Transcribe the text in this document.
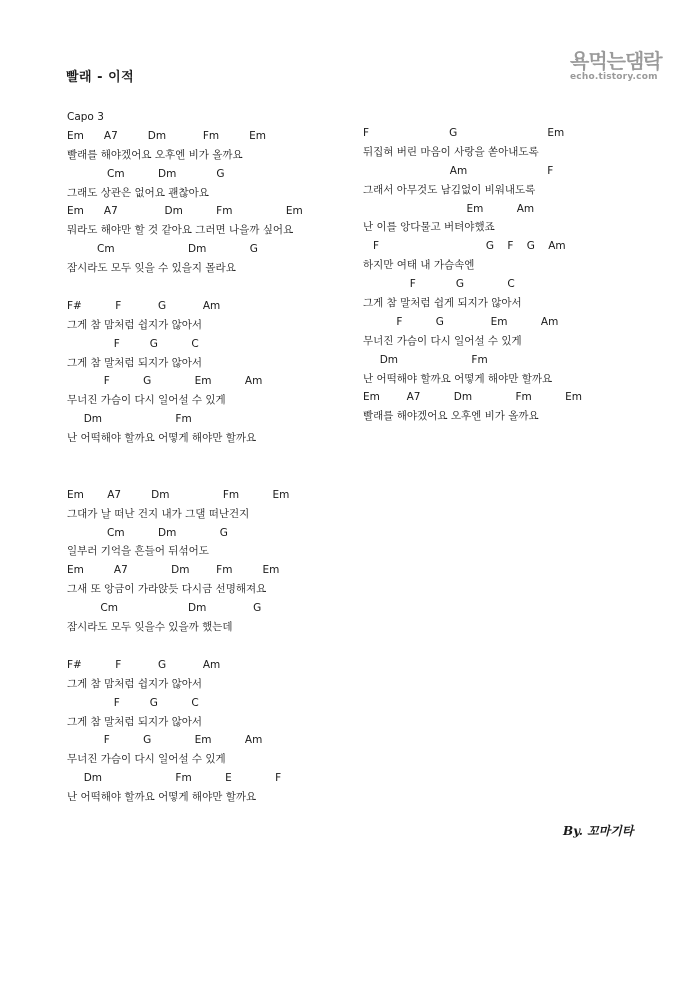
빨래 - 이적
욕먹는댐락
echo.tistory.com
Capo 3
Em      A7         Dm           Fm         Em
빨래를 해야겠어요 오후엔 비가 올까요
Cm          Dm            G
그래도 상관은 없어요 괜찮아요
Em      A7              Dm          Fm                Em
뭐라도 해야만 할 것 같아요 그러면 나을까 싶어요
Cm                      Dm             G
잠시라도 모두 잊을 수 있을지 몰라요
F#          F           G           Am
그게 참 맘처럼 쉽지가 않아서
F         G          C
그게 참 말처럼 되지가 않아서
F          G             Em          Am
무너진 가슴이 다시 일어설 수 있게
Dm                      Fm
난 어떡해야 할까요 어떻게 해야만 할까요
Em       A7         Dm                Fm          Em
그대가 날 떠난 건지 내가 그댈 떠난건지
Cm          Dm             G
일부러 기억을 흔들어 뒤섞어도
Em         A7             Dm        Fm         Em
그새 또 앙금이 가라앉듯 다시금 선명해져요
Cm                     Dm              G
잠시라도 모두 잊을수 있을까 했는데
F#          F           G           Am
그게 참 맘처럼 쉽지가 않아서
F         G          C
그게 참 말처럼 되지가 않아서
F          G             Em          Am
무너진 가슴이 다시 일어설 수 있게
Dm                      Fm          E             F
난 어떡해야 할까요 어떻게 해야만 할까요
F                        G                           Em
뒤집혀 버린 마음이 사랑을 쏟아내도록
Am                        F
그래서 아무것도 남김없이 비워내도록
Em          Am
난 이를 앙다물고 버텨야했죠
F                                G    F    G    Am
하지만 여태 내 가슴속엔
F            G             C
그게 참 말처럼 쉽게 되지가 않아서
F          G              Em          Am
무너진 가슴이 다시 일어설 수 있게
Dm                      Fm
난 어떡해야 할까요 어떻게 해야만 할까요
Em        A7          Dm             Fm          Em
빨래를 해야겠어요 오후엔 비가 올까요
By. 꼬마기타
